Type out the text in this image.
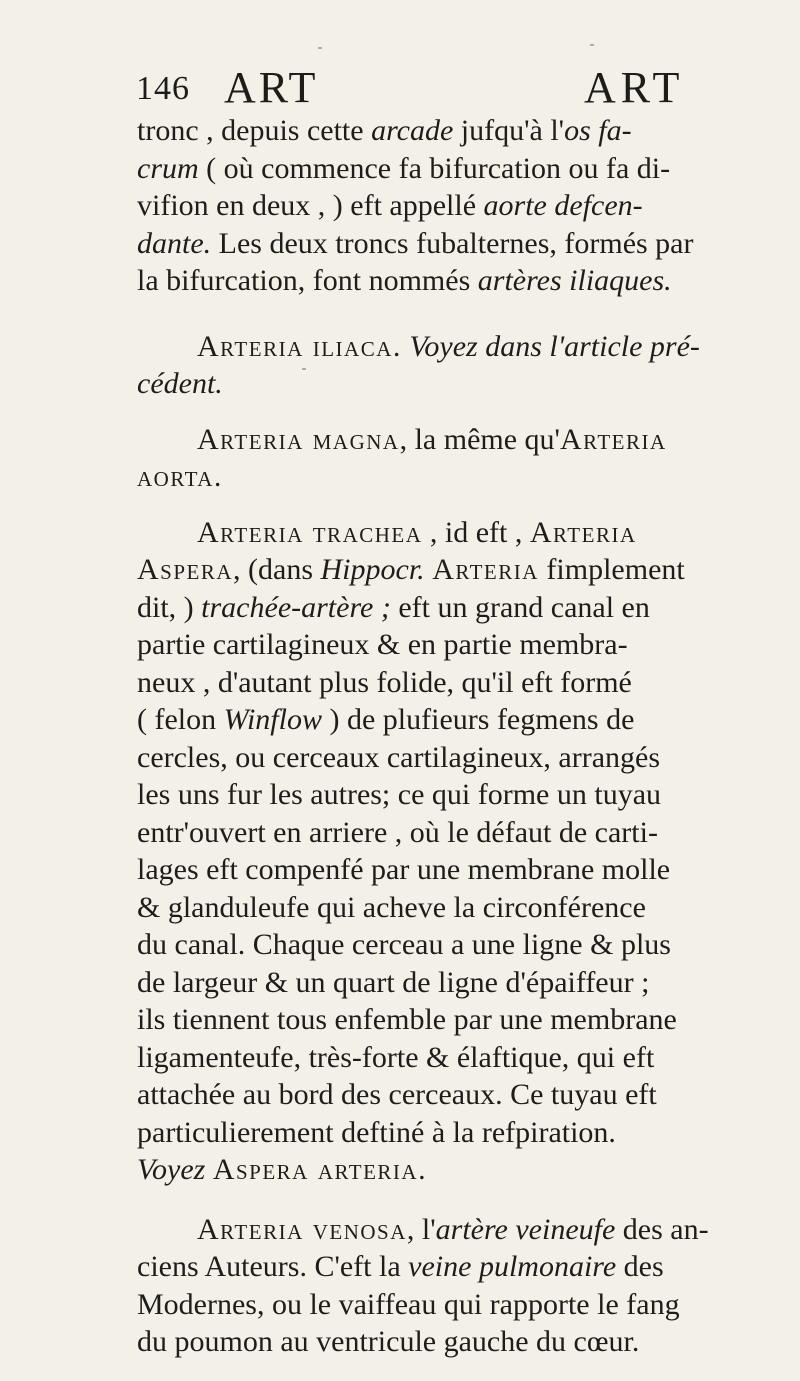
146 ART	ART
tronc , depuis cette arcade jufqu'à l'os fa-
crum ( où commence fa bifurcation ou fa di-
vifion en deux , ) eft appellé aorte defcen-
dante. Les deux troncs fubalternes, formés par
la bifurcation, font nommés artères iliaques.
Arteria iliaca. Voyez dans l'article pré-
cédent.
Arteria magna, la même qu'Arteria
aorta.
Arteria trachea , id eft , Arteria
Aspera, (dans Hippocr. Arteria fimplement
dit, ) trachée-artère ; eft un grand canal en
partie cartilagineux & en partie membra-
neux , d'autant plus folide, qu'il eft formé
( felon Winflow ) de plufieurs fegmens de
cercles, ou cerceaux cartilagineux, arrangés
les uns fur les autres; ce qui forme un tuyau
entr'ouvert en arriere , où le défaut de carti-
lages eft compenfé par une membrane molle
& glanduleufe qui acheve la circonférence
du canal. Chaque cerceau a une ligne & plus
de largeur & un quart de ligne d'épaiffeur ;
ils tiennent tous enfemble par une membrane
ligamenteufe, très-forte & élaftique, qui eft
attachée au bord des cerceaux. Ce tuyau eft
particulierement deftiné à la refpiration.
Voyez Aspera arteria.
Arteria venosa, l'artère veineufe des an-
ciens Auteurs. C'eft la veine pulmonaire des
Modernes, ou le vaiffeau qui rapporte le fang
du poumon au ventricule gauche du cœur.
